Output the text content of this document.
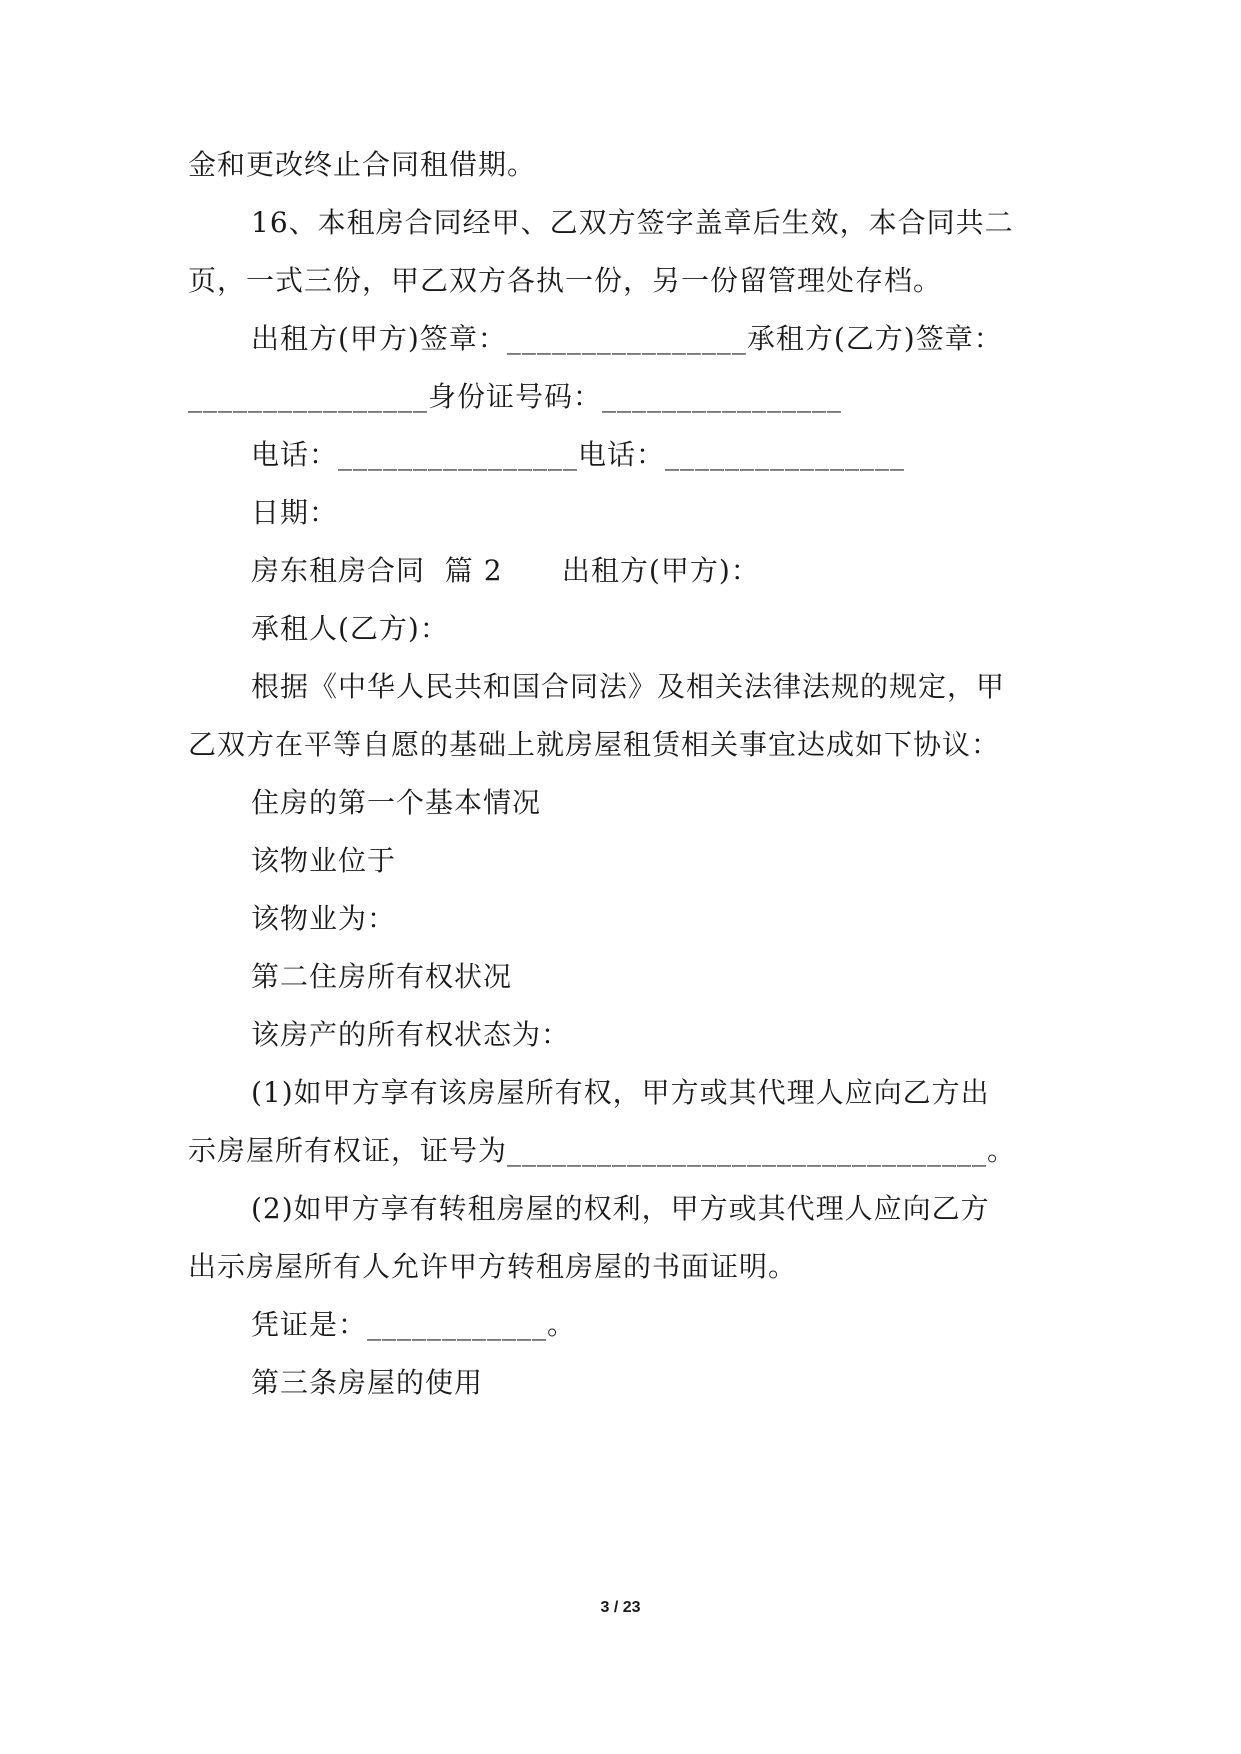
金和更改终止合同租借期。
16、本租房合同经甲、乙双方签字盖章后生效，本合同共二
页，一式三份，甲乙双方各执一份，另一份留管理处存档。
出租方(甲方)签章：________________承租方(乙方)签章：
________________身份证号码：________________
电话：________________电话：________________
日期：
房东租房合同  篇 2      出租方(甲方)：
承租人(乙方)：
根据《中华人民共和国合同法》及相关法律法规的规定，甲
乙双方在平等自愿的基础上就房屋租赁相关事宜达成如下协议：
住房的第一个基本情况
该物业位于
该物业为：
第二住房所有权状况
该房产的所有权状态为：
(1)如甲方享有该房屋所有权，甲方或其代理人应向乙方出
示房屋所有权证，证号为________________________________。
(2)如甲方享有转租房屋的权利，甲方或其代理人应向乙方
出示房屋所有人允许甲方转租房屋的书面证明。
凭证是：____________。
第三条房屋的使用
3 / 23
